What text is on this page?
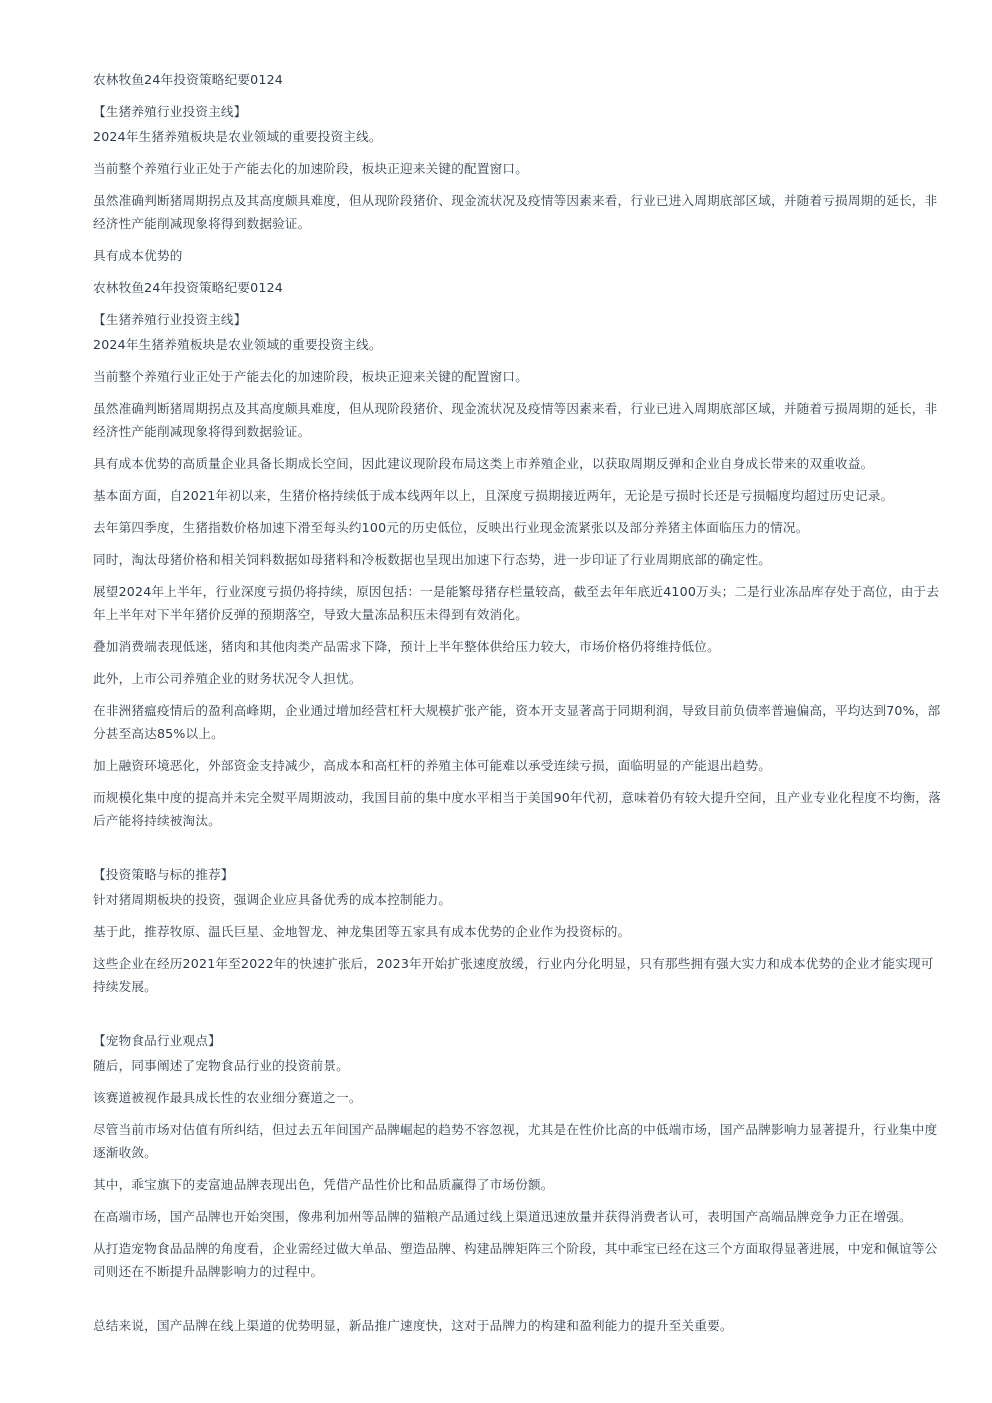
农林牧鱼24年投资策略纪要0124

【生猪养殖行业投资主线】

2024年生猪养殖板块是农业领域的重要投资主线。

当前整个养殖行业正处于产能去化的加速阶段，板块正迎来关键的配置窗口。

虽然准确判断猪周期拐点及其高度颇具难度，但从现阶段猪价、现金流状况及疫情等因素来看，行业已进入周期底部区域，并随着亏损周期的延长，非经济性产能削减现象将得到数据验证。

具有成本优势的

农林牧鱼24年投资策略纪要0124

【生猪养殖行业投资主线】

2024年生猪养殖板块是农业领域的重要投资主线。

当前整个养殖行业正处于产能去化的加速阶段，板块正迎来关键的配置窗口。

虽然准确判断猪周期拐点及其高度颇具难度，但从现阶段猪价、现金流状况及疫情等因素来看，行业已进入周期底部区域，并随着亏损周期的延长，非经济性产能削减现象将得到数据验证。

具有成本优势的高质量企业具备长期成长空间，因此建议现阶段布局这类上市养殖企业，以获取周期反弹和企业自身成长带来的双重收益。

基本面方面，自2021年初以来，生猪价格持续低于成本线两年以上，且深度亏损期接近两年，无论是亏损时长还是亏损幅度均超过历史记录。

去年第四季度，生猪指数价格加速下滑至每头约100元的历史低位，反映出行业现金流紧张以及部分养猪主体面临压力的情况。

同时，淘汰母猪价格和相关饲料数据如母猪料和冷板数据也呈现出加速下行态势，进一步印证了行业周期底部的确定性。

展望2024年上半年，行业深度亏损仍将持续，原因包括：一是能繁母猪存栏量较高，截至去年年底近4100万头；二是行业冻品库存处于高位，由于去年上半年对下半年猪价反弹的预期落空，导致大量冻品积压未得到有效消化。

叠加消费端表现低迷，猪肉和其他肉类产品需求下降，预计上半年整体供给压力较大，市场价格仍将维持低位。

此外，上市公司养殖企业的财务状况令人担忧。

在非洲猪瘟疫情后的盈利高峰期，企业通过增加经营杠杆大规模扩张产能，资本开支显著高于同期利润，导致目前负债率普遍偏高，平均达到70%，部分甚至高达85%以上。

加上融资环境恶化，外部资金支持减少，高成本和高杠杆的养殖主体可能难以承受连续亏损，面临明显的产能退出趋势。

而规模化集中度的提高并未完全熨平周期波动，我国目前的集中度水平相当于美国90年代初，意味着仍有较大提升空间，且产业专业化程度不均衡，落后产能将持续被淘汰。

【投资策略与标的推荐】

针对猪周期板块的投资，强调企业应具备优秀的成本控制能力。

基于此，推荐牧原、温氏巨星、金地智龙、神龙集团等五家具有成本优势的企业作为投资标的。

这些企业在经历2021年至2022年的快速扩张后，2023年开始扩张速度放缓，行业内分化明显，只有那些拥有强大实力和成本优势的企业才能实现可持续发展。

【宠物食品行业观点】

随后，同事阐述了宠物食品行业的投资前景。

该赛道被视作最具成长性的农业细分赛道之一。

尽管当前市场对估值有所纠结，但过去五年间国产品牌崛起的趋势不容忽视，尤其是在性价比高的中低端市场，国产品牌影响力显著提升，行业集中度逐渐收敛。

其中，乖宝旗下的麦富迪品牌表现出色，凭借产品性价比和品质赢得了市场份额。

在高端市场，国产品牌也开始突围，像弗利加州等品牌的猫粮产品通过线上渠道迅速放量并获得消费者认可，表明国产高端品牌竞争力正在增强。

从打造宠物食品品牌的角度看，企业需经过做大单品、塑造品牌、构建品牌矩阵三个阶段，其中乖宝已经在这三个方面取得显著进展，中宠和佩谊等公司则还在不断提升品牌影响力的过程中。

总结来说，国产品牌在线上渠道的优势明显，新品推广速度快，这对于品牌力的构建和盈利能力的提升至关重要。
